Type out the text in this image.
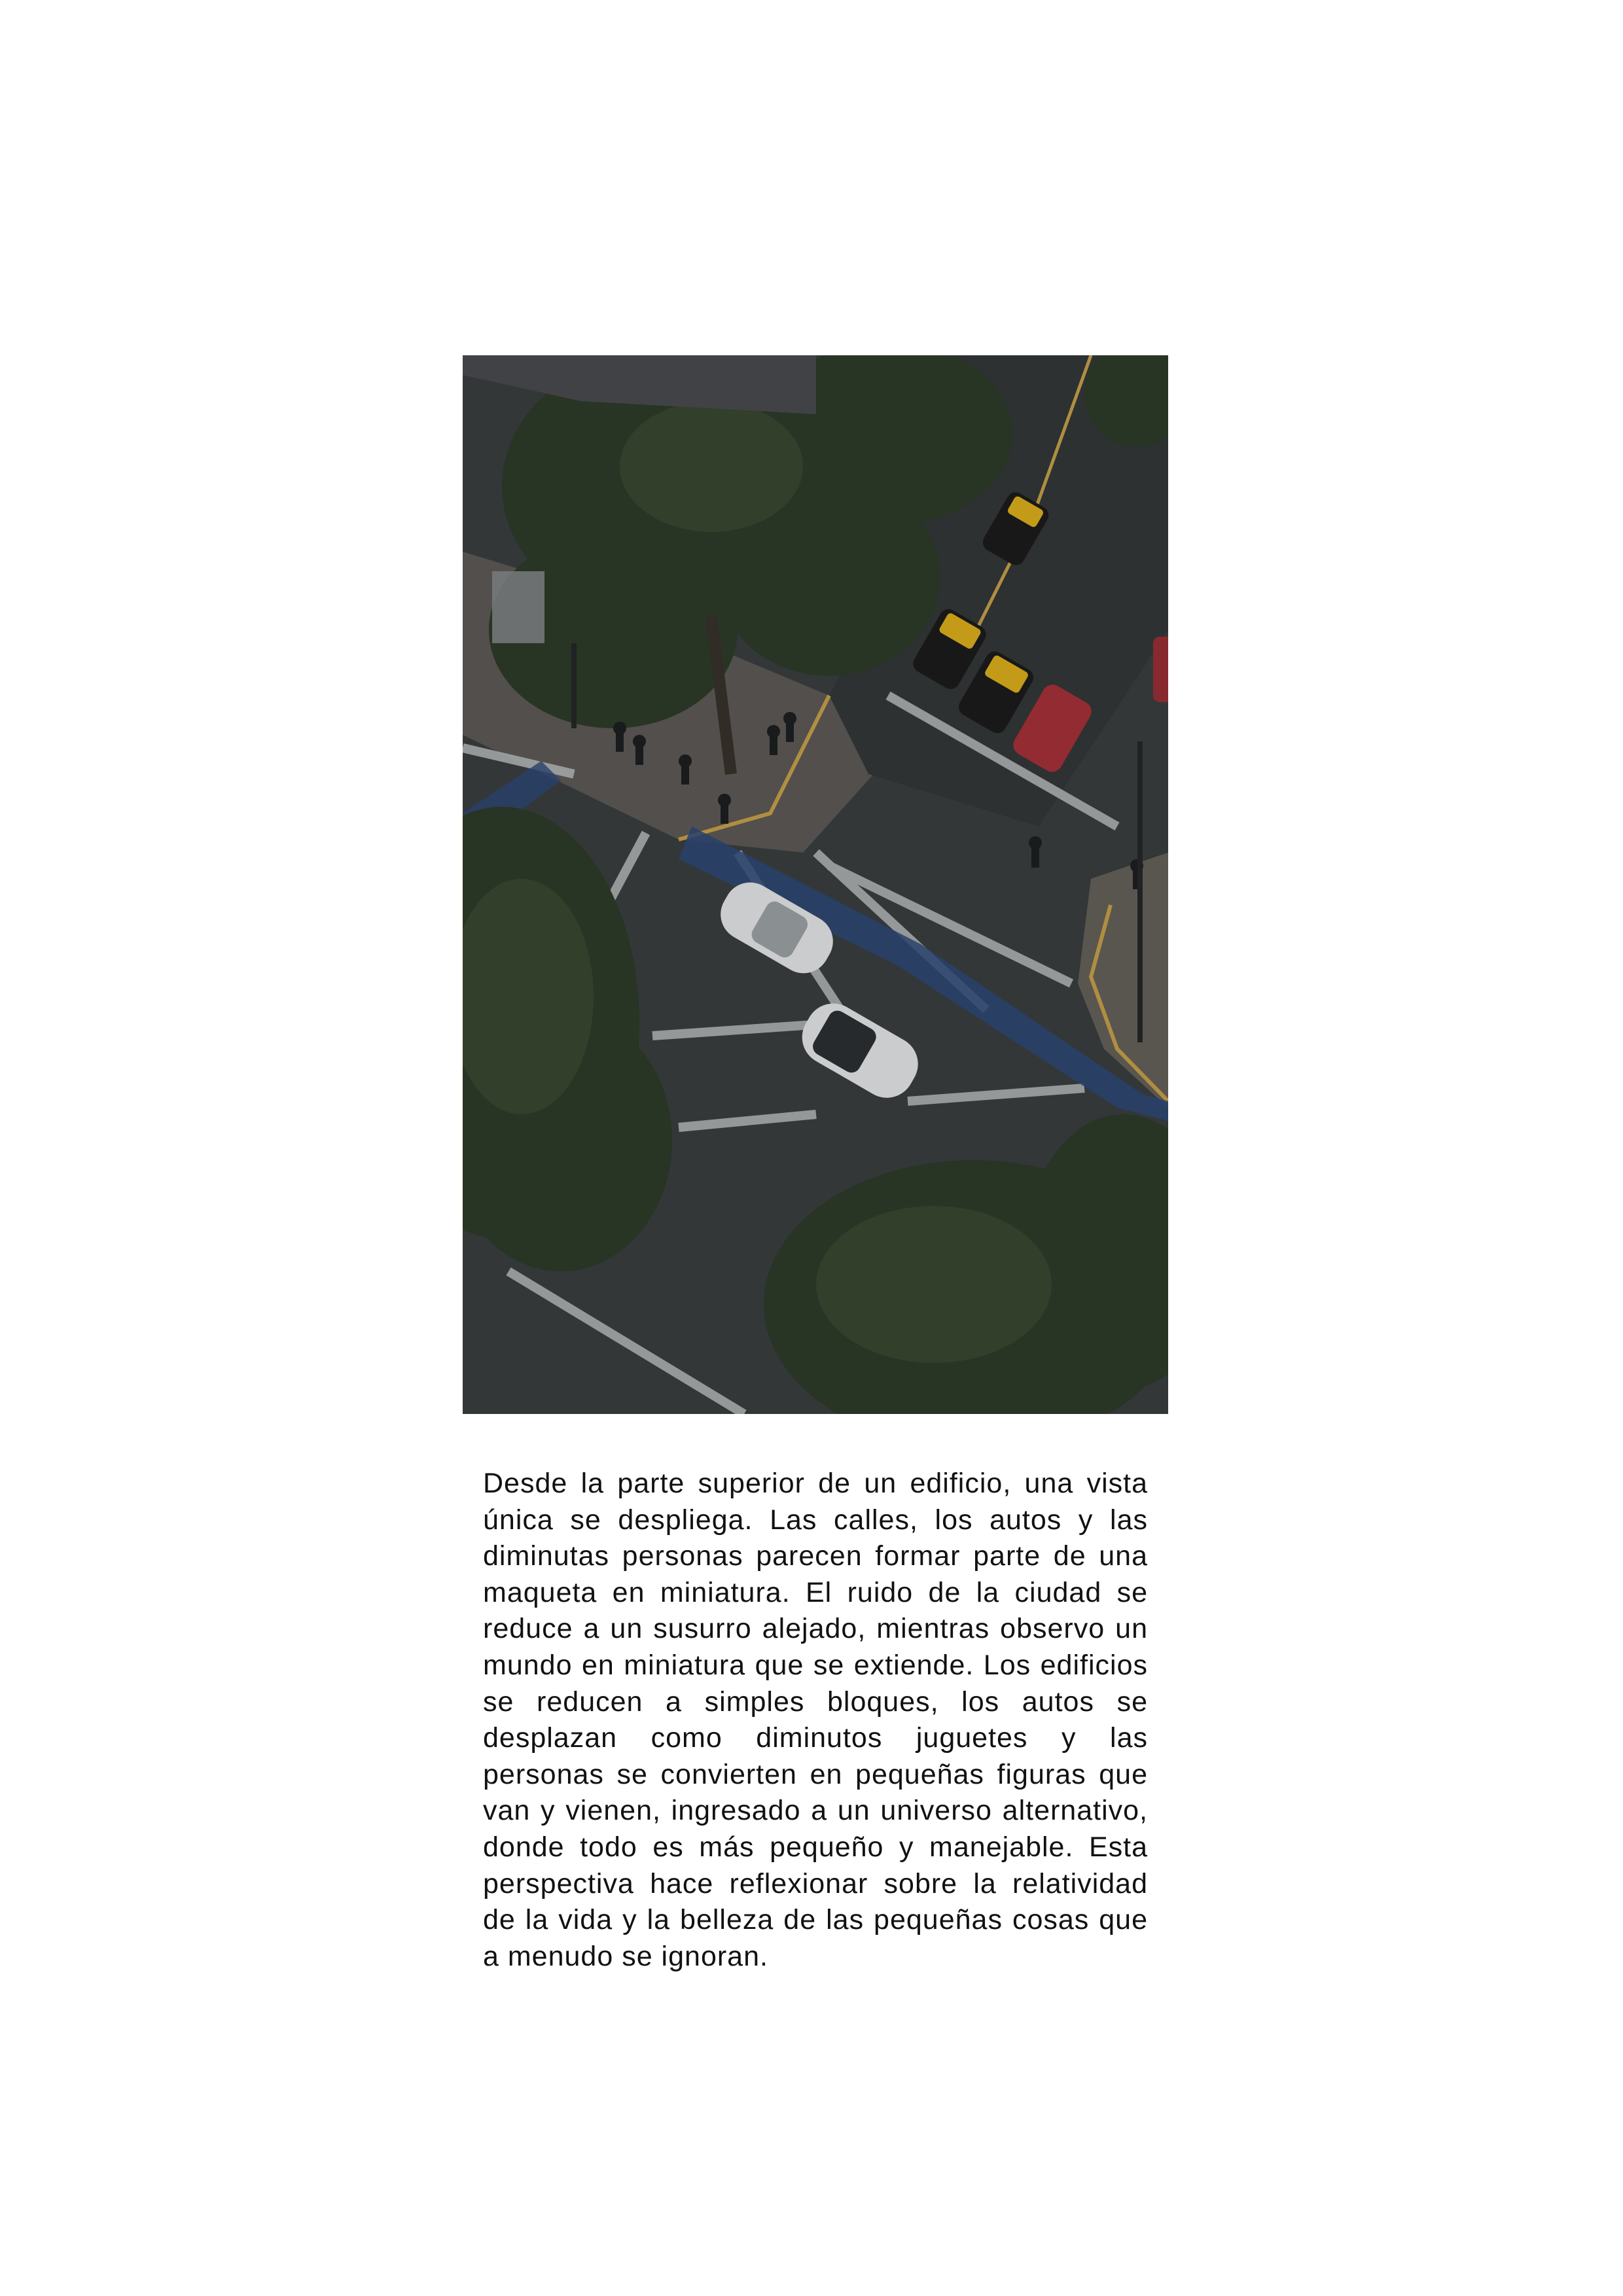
Desde la parte superior de un edificio, una vista única se despliega. Las calles, los autos y las diminutas personas parecen formar parte de una maqueta en miniatura. El ruido de la ciudad se reduce a un susurro alejado, mientras observo un mundo en miniatura que se extiende. Los edificios se reducen a simples bloques, los autos se desplazan como diminutos juguetes y las personas se convierten en pequeñas figuras que van y vienen, ingresado a un universo alternativo, donde todo es más pequeño y manejable. Esta perspectiva hace reflexionar sobre la relatividad de la vida y la belleza de las pequeñas cosas que a menudo se ignoran.
